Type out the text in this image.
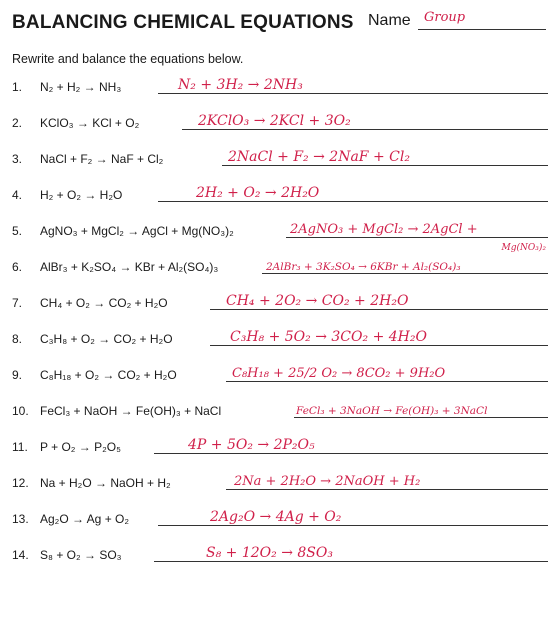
BALANCING CHEMICAL EQUATIONS Name Group
Rewrite and balance the equations below.
1.	N₂ + H₂ → NH₃	N₂ + 3H₂ → 2NH₃
2.	KClO₃ → KCl + O₂	2KClO₃ → 2KCl + 3O₂
3.	NaCl + F₂ → NaF + Cl₂	2NaCl + F₂ → 2NaF + Cl₂
4.	H₂ + O₂ → H₂O	2H₂ + O₂ → 2H₂O
5.	AgNO₃ + MgCl₂ → AgCl + Mg(NO₃)₂	2AgNO₃ + MgCl₂ → 2AgCl +
Mg(NO₃)₂
6.	AlBr₃ + K₂SO₄ → KBr + Al₂(SO₄)₃	2AlBr₃ + 3K₂SO₄ → 6KBr + Al₂(SO₄)₃
7.	CH₄ + O₂ → CO₂ + H₂O	CH₄ + 2O₂ → CO₂ + 2H₂O
8.	C₃H₈ + O₂ → CO₂ + H₂O	C₃H₈ + 5O₂ → 3CO₂ + 4H₂O
9.	C₈H₁₈ + O₂ → CO₂ + H₂O	C₈H₁₈ + 25/2 O₂ → 8CO₂ + 9H₂O
10. FeCl₃ + NaOH → Fe(OH)₃ + NaCl	FeCl₃ + 3NaOH → Fe(OH)₃ + 3NaCl
11.	P + O₂ → P₂O₅	4P + 5O₂ → 2P₂O₅
12. Na + H₂O → NaOH + H₂	2Na + 2H₂O → 2NaOH + H₂
13. Ag₂O → Ag + O₂	2Ag₂O → 4Ag + O₂
14. S₈ + O₂ → SO₃	S₈ + 12O₂ → 8SO₃
